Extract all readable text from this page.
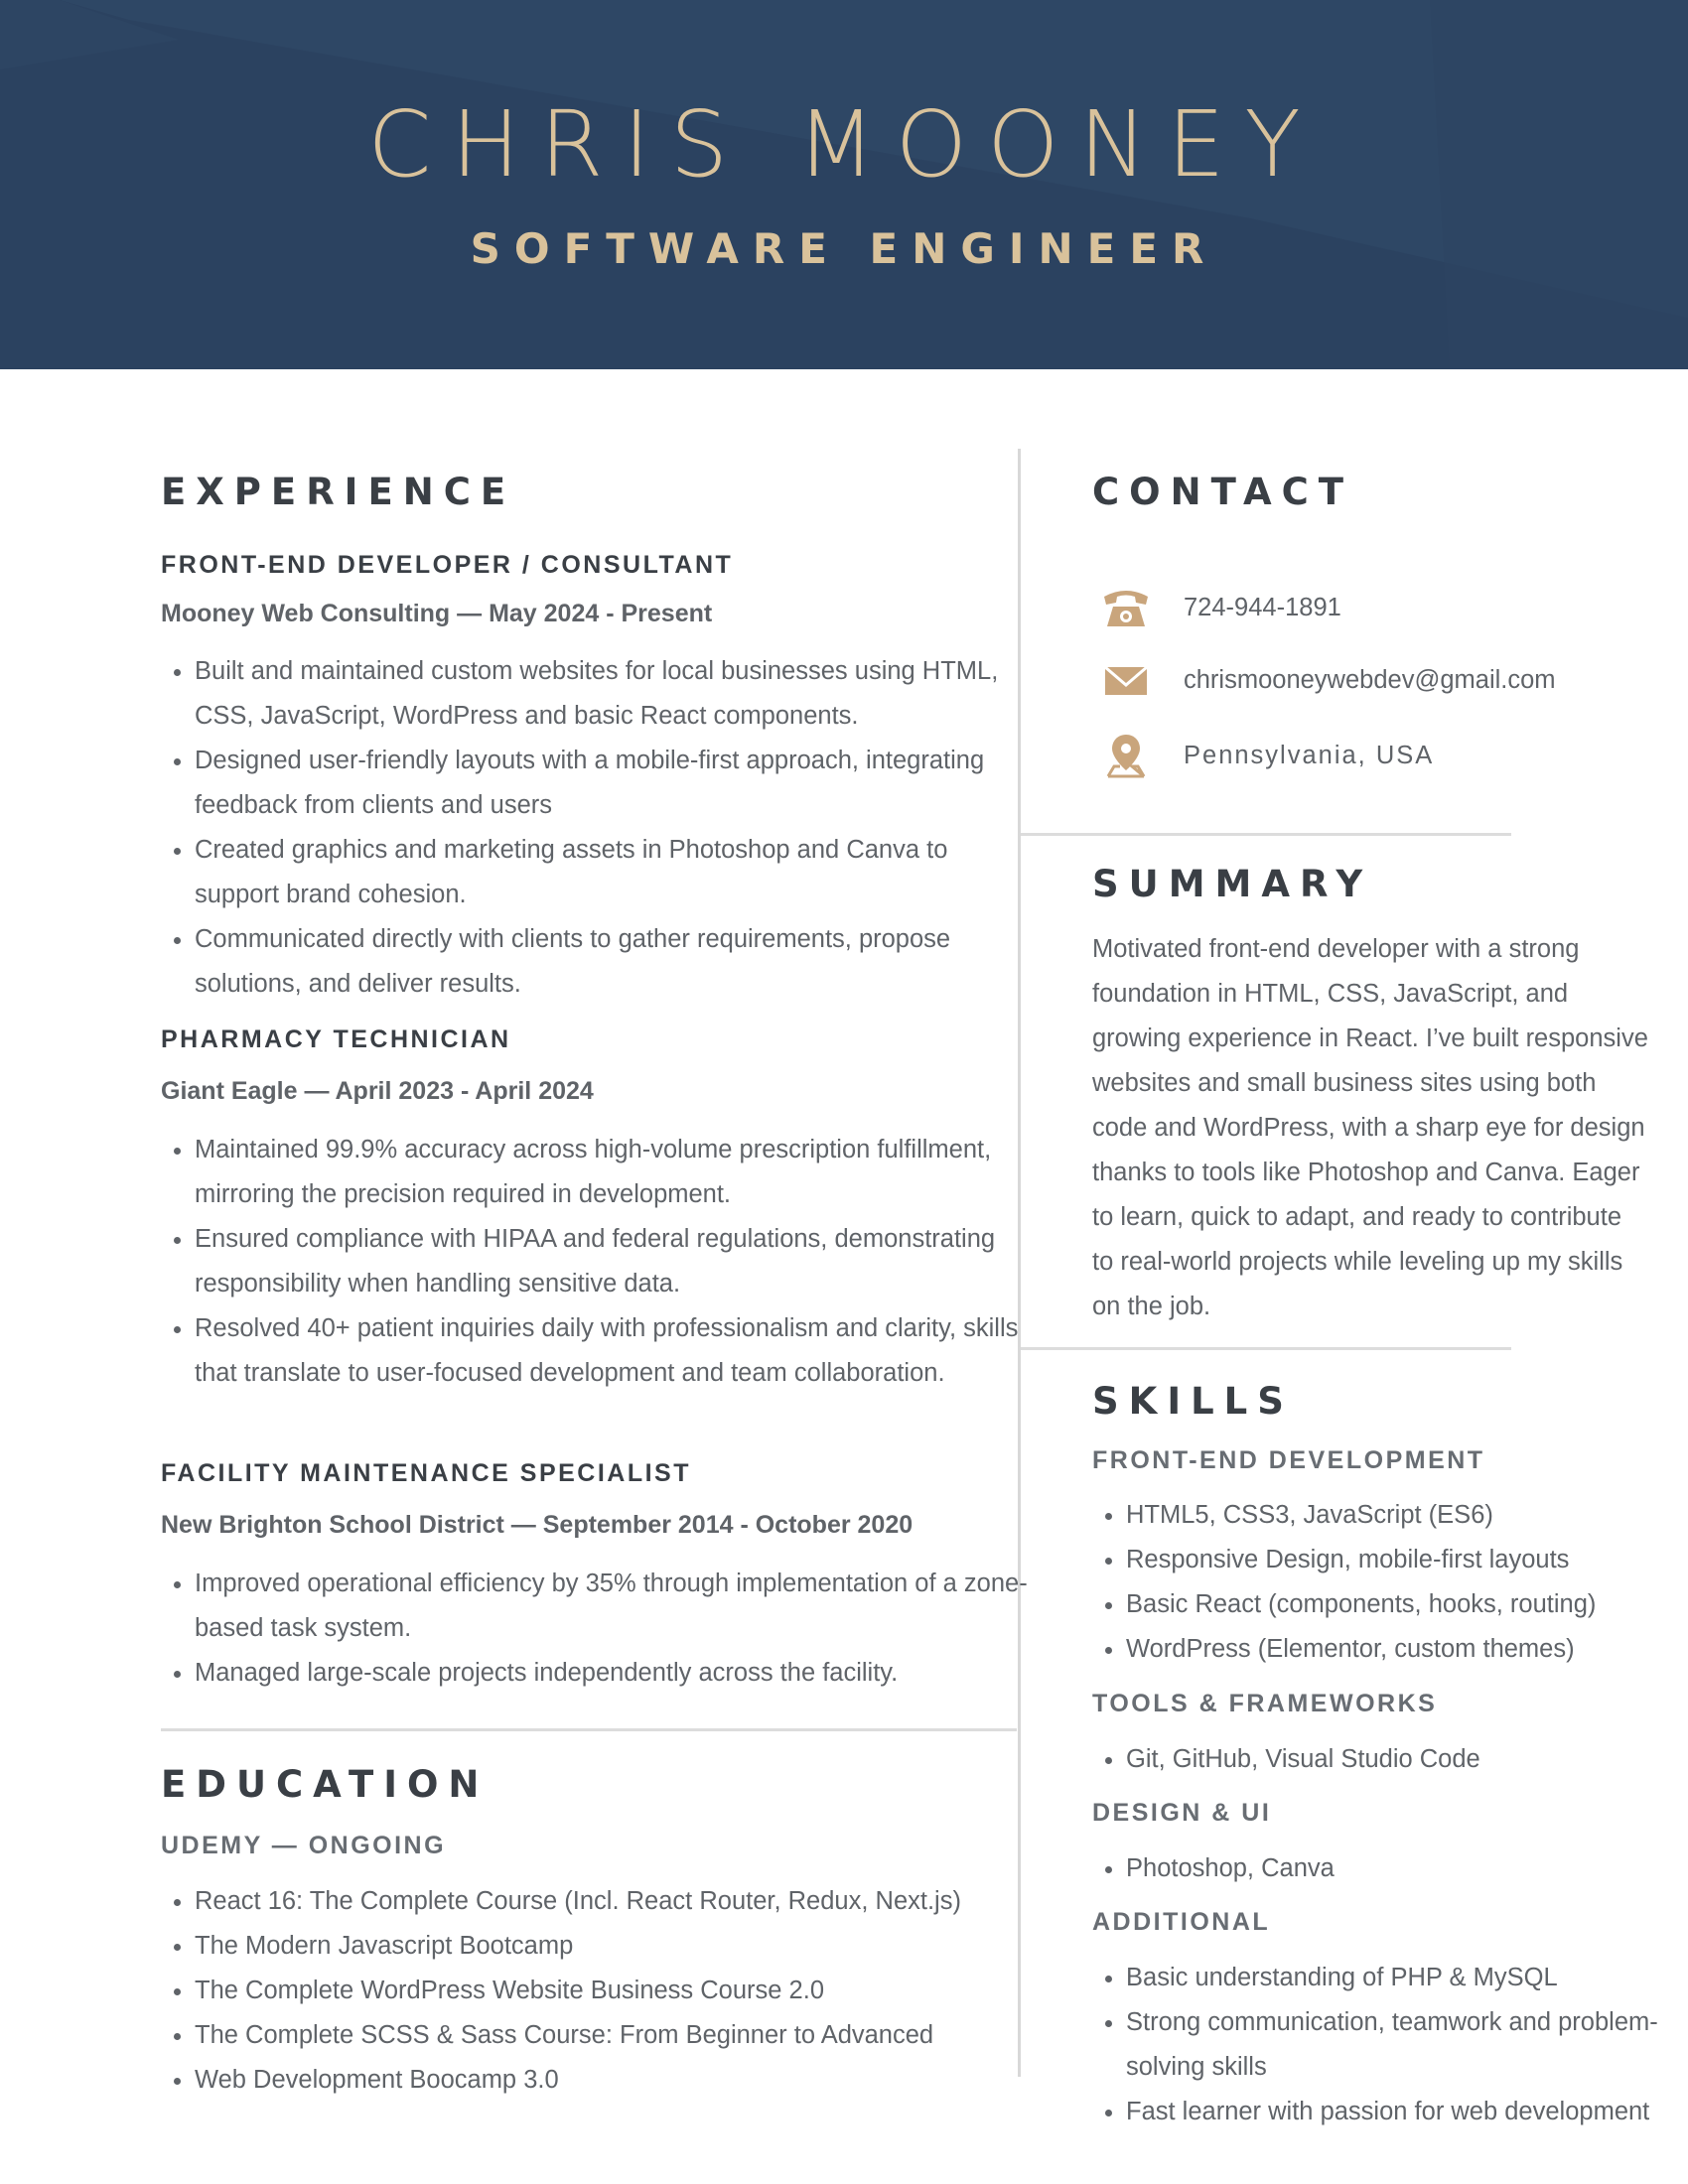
CHRIS MOONEY
SOFTWARE ENGINEER
EXPERIENCE
FRONT-END DEVELOPER / CONSULTANT
Mooney Web Consulting — May 2024 - Present
• Built and maintained custom websites for local businesses using HTML, CSS, JavaScript, WordPress and basic React components.
• Designed user-friendly layouts with a mobile-first approach, integrating feedback from clients and users
• Created graphics and marketing assets in Photoshop and Canva to support brand cohesion.
• Communicated directly with clients to gather requirements, propose solutions, and deliver results.
PHARMACY TECHNICIAN
Giant Eagle — April 2023 - April 2024
• Maintained 99.9% accuracy across high-volume prescription fulfillment, mirroring the precision required in development.
• Ensured compliance with HIPAA and federal regulations, demonstrating responsibility when handling sensitive data.
• Resolved 40+ patient inquiries daily with professionalism and clarity, skills that translate to user-focused development and team collaboration.
FACILITY MAINTENANCE SPECIALIST
New Brighton School District — September 2014 - October 2020
• Improved operational efficiency by 35% through implementation of a zone-based task system.
• Managed large-scale projects independently across the facility.
EDUCATION
UDEMY — ONGOING
• React 16: The Complete Course (Incl. React Router, Redux, Next.js)
• The Modern Javascript Bootcamp
• The Complete WordPress Website Business Course 2.0
• The Complete SCSS & Sass Course: From Beginner to Advanced
• Web Development Boocamp 3.0
CONTACT
724-944-1891
chrismooneywebdev@gmail.com
Pennsylvania, USA
SUMMARY

Motivated front-end developer with a strong foundation in HTML, CSS, JavaScript, and growing experience in React. I’ve built responsive websites and small business sites using both code and WordPress, with a sharp eye for design thanks to tools like Photoshop and Canva. Eager to learn, quick to adapt, and ready to contribute to real-world projects while leveling up my skills on the job.

SKILLS
FRONT-END DEVELOPMENT
• HTML5, CSS3, JavaScript (ES6)
• Responsive Design, mobile-first layouts
• Basic React (components, hooks, routing)
• WordPress (Elementor, custom themes)
TOOLS & FRAMEWORKS
• Git, GitHub, Visual Studio Code
DESIGN & UI
• Photoshop, Canva
ADDITIONAL
• Basic understanding of PHP & MySQL
• Strong communication, teamwork and problem-solving skills
• Fast learner with passion for web development
